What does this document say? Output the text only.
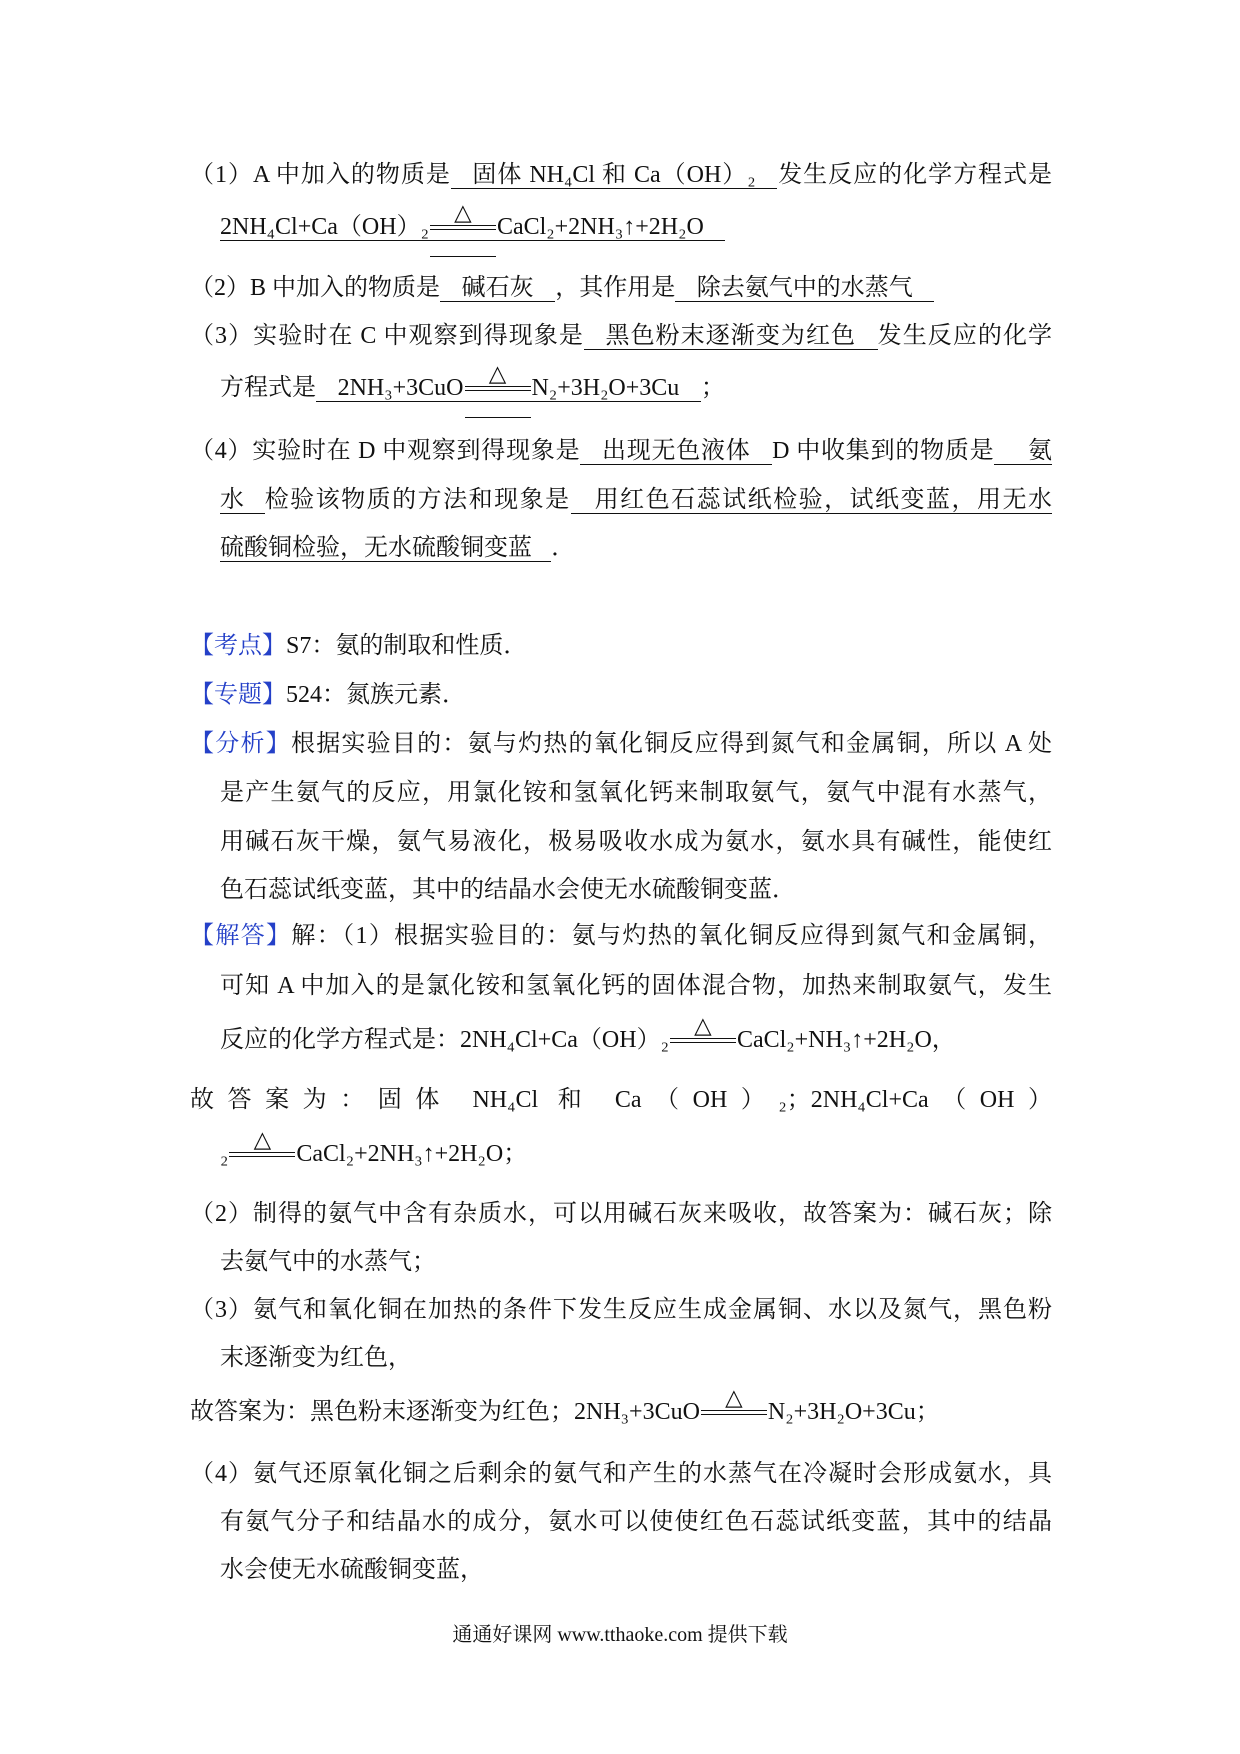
（1）A 中加入的物质是 固体 NH₄Cl 和 Ca（OH）₂ 发生反应的化学方程式是
2NH₄Cl+Ca（OH）₂
△
CaCl₂+2NH₃↑+2H₂O
（2）B 中加入的物质是 碱石灰 ，其作用是 除去氨气中的水蒸气
（3）实验时在 C 中观察到得现象是 黑色粉末逐渐变为红色 发生反应的化学
方程式是 2NH₃+3CuO
△
N₂+3H₂O+3Cu ；
（4）实验时在 D 中观察到得现象是 出现无色液体 D 中收集到的物质是 氨
水 检验该物质的方法和现象是 用红色石蕊试纸检验，试纸变蓝，用无水
硫酸铜检验，无水硫酸铜变蓝 ．
【考点】S7：氨的制取和性质．
【专题】524：氮族元素．
【分析】根据实验目的：氨与灼热的氧化铜反应得到氮气和金属铜，所以 A 处
是产生氨气的反应，用氯化铵和氢氧化钙来制取氨气，氨气中混有水蒸气，
用碱石灰干燥，氨气易液化，极易吸收水成为氨水，氨水具有碱性，能使红
色石蕊试纸变蓝，其中的结晶水会使无水硫酸铜变蓝．
【解答】解：（1）根据实验目的：氨与灼热的氧化铜反应得到氮气和金属铜，
可知 A 中加入的是氯化铵和氢氧化钙的固体混合物，加热来制取氨气，发生
反应的化学方程式是：2NH₄Cl+Ca（OH）₂
△
CaCl₂+NH₃↑+2H₂O，
故答案为：固体 NH₄Cl 和 Ca（OH）₂；2NH₄Cl+Ca（OH）
₂
△
CaCl₂+2NH₃↑+2H₂O；
（2）制得的氨气中含有杂质水，可以用碱石灰来吸收，故答案为：碱石灰；除
去氨气中的水蒸气；
（3）氨气和氧化铜在加热的条件下发生反应生成金属铜、水以及氮气，黑色粉
末逐渐变为红色，
故答案为：黑色粉末逐渐变为红色；2NH₃+3CuO
△
N₂+3H₂O+3Cu；
（4）氨气还原氧化铜之后剩余的氨气和产生的水蒸气在冷凝时会形成氨水，具
有氨气分子和结晶水的成分，氨水可以使使红色石蕊试纸变蓝，其中的结晶
水会使无水硫酸铜变蓝，
通通好课网 www.tthaoke.com 提供下载
